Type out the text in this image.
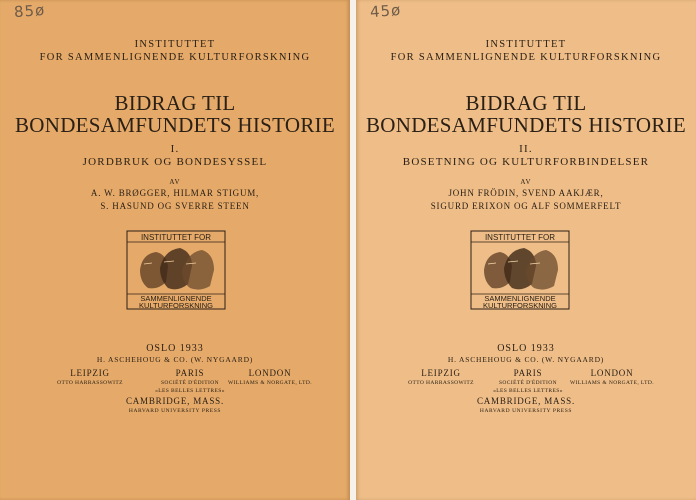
85ø
INSTITUTTET
FOR SAMMENLIGNENDE KULTURFORSKNING
BIDRAG TIL
BONDESAMFUNDETS HISTORIE
I.
JORDBRUK OG BONDESYSSEL
AV
A. W. BRØGGER, HILMAR STIGUM,
S. HASUND OG SVERRE STEEN
INSTITUTTET FOR
SAMMENLIGNENDE
KULTURFORSKNING
OSLO 1933
H. ASCHEHOUG & CO. (W. NYGAARD)
LEIPZIG
OTTO HARRASSOWITZ
PARIS
SOCIÉTÉ D'ÉDITION
«LES BELLES LETTRES»
LONDON
WILLIAMS & NORGATE, LTD.
CAMBRIDGE, MASS.
HARVARD UNIVERSITY PRESS
45ø
INSTITUTTET
FOR SAMMENLIGNENDE KULTURFORSKNING
BIDRAG TIL
BONDESAMFUNDETS HISTORIE
II.
BOSETNING OG KULTURFORBINDELSER
AV
JOHN FRÖDIN, SVEND AAKJÆR,
SIGURD ERIXON OG ALF SOMMERFELT
INSTITUTTET FOR
SAMMENLIGNENDE
KULTURFORSKNING
OSLO 1933
H. ASCHEHOUG & CO. (W. NYGAARD)
LEIPZIG
OTTO HARRASSOWITZ
PARIS
SOCIÉTÉ D'ÉDITION
«LES BELLES LETTRES»
LONDON
WILLIAMS & NORGATE, LTD.
CAMBRIDGE, MASS.
HARVARD UNIVERSITY PRESS
